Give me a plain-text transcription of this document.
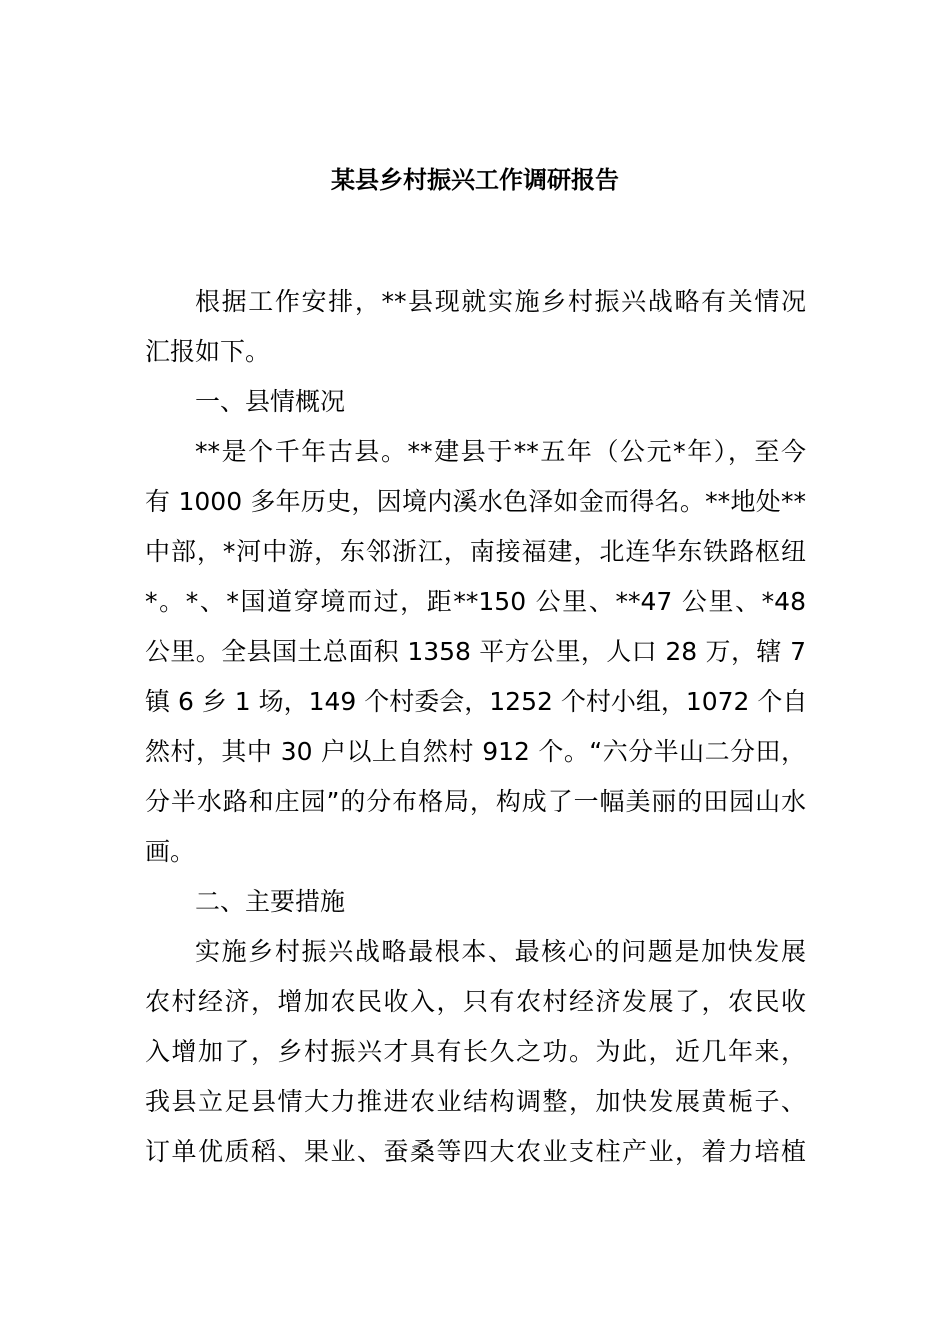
某县乡村振兴工作调研报告
根据工作安排，**县现就实施乡村振兴战略有关情况
汇报如下。
一、县情概况
**是个千年古县。**建县于**五年（公元*年），至今
有 1000 多年历史，因境内溪水色泽如金而得名。**地处**
中部，*河中游，东邻浙江，南接福建，北连华东铁路枢纽
*。*、*国道穿境而过，距**150 公里、**47 公里、*48
公里。全县国土总面积 1358 平方公里，人口 28 万，辖 7
镇 6 乡 1 场，149 个村委会，1252 个村小组，1072 个自
然村，其中 30 户以上自然村 912 个。“六分半山二分田，
分半水路和庄园”的分布格局，构成了一幅美丽的田园山水
画。
二、主要措施
实施乡村振兴战略最根本、最核心的问题是加快发展
农村经济，增加农民收入，只有农村经济发展了，农民收
入增加了，乡村振兴才具有长久之功。为此，近几年来，
我县立足县情大力推进农业结构调整，加快发展黄栀子、
订单优质稻、果业、蚕桑等四大农业支柱产业，着力培植
